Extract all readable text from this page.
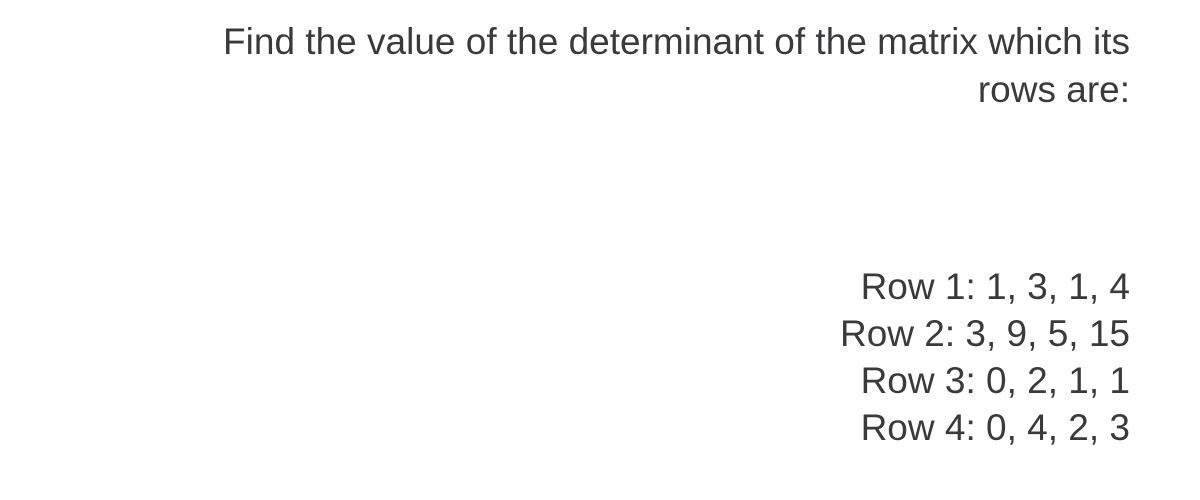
Find the value of the determinant of the matrix which its
rows are:
Row 1: 1, 3, 1, 4
Row 2: 3, 9, 5, 15
Row 3: 0, 2, 1, 1
Row 4: 0, 4, 2, 3
